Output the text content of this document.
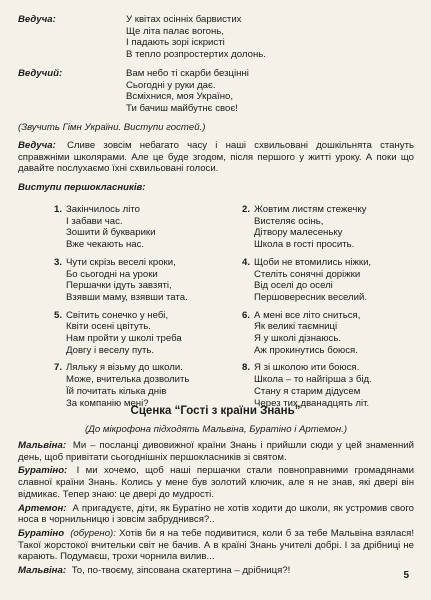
Ведуча:	У квітах осінніх барвистих
Ще літа палає вогонь,
І падають зорі іскристі
В тепло розпростертих долонь.
Ведучий:	Вам небо ті скарби безцінні
Сьогодні у руки дає.
Всміхнися, моя Україно,
Ти бачиш майбутнє своє!
(Звучить Гімн України. Виступи гостей.)
Ведуча: Сливе зовсім небагато часу і наші схвильовані дошкільнята стануть справжніми школярами. Але це буде згодом, після першого у житті уроку. А поки що давайте послухаємо їхні схвильовані голоси.
Виступи першокласників:
1. Закінчилось літо
І забави час.
Зошити й букварики
Вже чекають нас.
3. Чути скрізь веселі кроки,
Бо сьогодні на уроки
Першачки ідуть завзяті,
Взявши маму, взявши тата.
5. Світить сонечко у небі,
Квіти осені цвітуть.
Нам пройти у школі треба
Довгу і веселу путь.
7. Ляльку я візьму до школи.
Може, вчителька дозволить
Їй почитать кілька днів
За компанію мені?
2. Жовтим листям стежечку
Вистеляє осінь,
Дітвору малесеньку
Школа в гості просить.
4. Щоби не втомились ніжки,
Стеліть сонячні доріжки
Від оселі до оселі
Першовересник веселий.
6. А мені все літо сниться,
Як великі таємниці
Я у школі дізнаюсь.
Аж прокинутись боюся.
8. Я зі школою ити боюся.
Школа – то найгірша з бід.
Стану я старим дідусем
Через тих дванадцять літ.
Сценка “Гості з країни Знань”
(До мікрофона підходять Мальвіна, Буратіно і Артемон.)
Мальвіна: Ми – посланці дивовижної країни Знань і прийшли сюди у цей знаменний день, щоб привітати сьогоднішніх першокласників зі святом.
Буратіно: І ми хочемо, щоб наші першачки стали повноправними громадянами славної країни Знань. Колись у мене був золотий ключик, але я не знав, які двері він відмикає. Тепер знаю: це двері до мудрості.
Артемон: А пригадуєте, діти, як Буратіно не хотів ходити до школи, як устромив свого носа в чорнильницю і зовсім забруднився?..
Буратіно (обурено): Хотів би я на тебе подивитися, коли б за тебе Мальвіна взялася! Такої жорстокої вчительки світ не бачив. А в країні Знань учителі добрі. І за дрібниці не карають. Подумаєш, трохи чорнила вилив...
Мальвіна: То, по-твоєму, зіпсована скатертина – дрібниця?!	5
